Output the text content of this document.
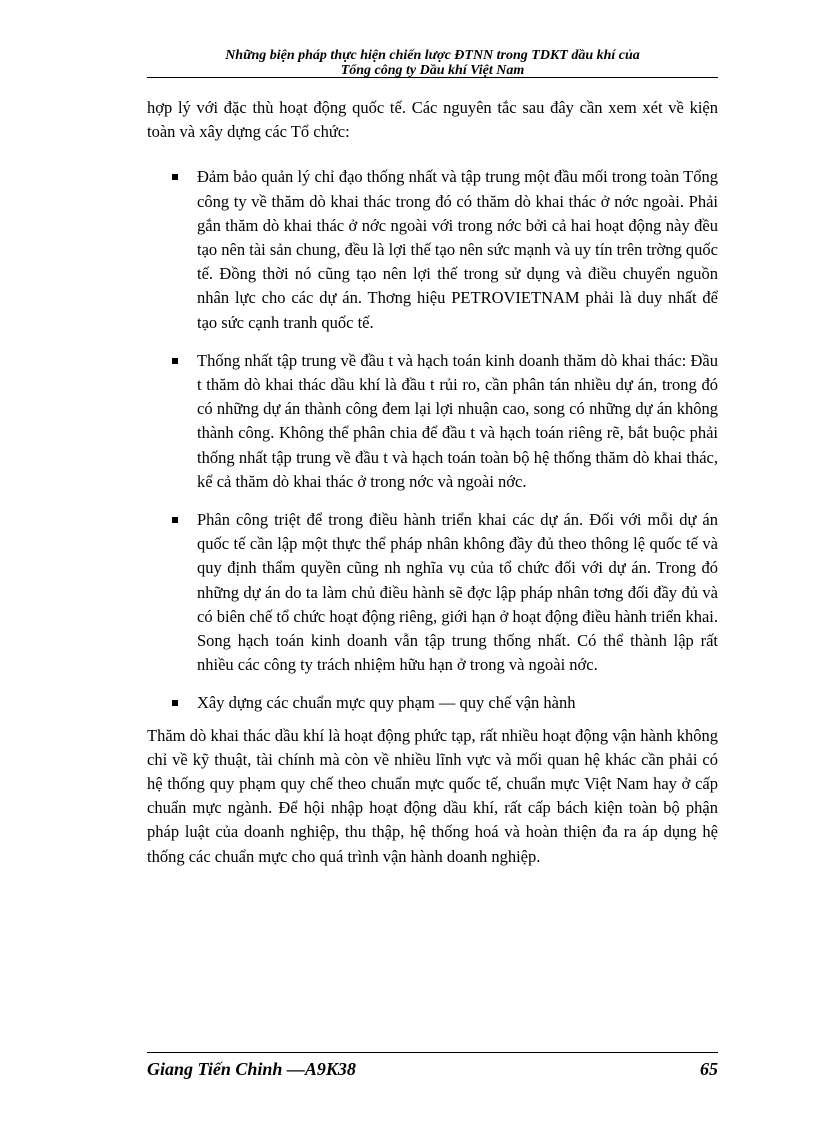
Những biện pháp thực hiện chiến lược ĐTNN trong TDKT dầu khí của
Tổng công ty Dầu khí Việt Nam

hợp lý với đặc thù hoạt động quốc tế. Các nguyên tắc sau đây cần xem xét về kiện toàn và xây dựng các Tổ chức:

Đảm bảo quản lý chỉ đạo thống nhất và tập trung một đầu mối trong toàn Tổng công ty về thăm dò khai thác trong đó có thăm dò khai thác ở nớc ngoài. Phải gắn thăm dò khai thác ở nớc ngoài với trong nớc bởi cả hai hoạt động này đều tạo nên tài sản chung, đều là lợi thế tạo nên sức mạnh và uy tín trên trờng quốc tế. Đồng thời nó cũng tạo nên lợi thế trong sử dụng và điều chuyển nguồn nhân lực cho các dự án. Thơng hiệu PETROVIETNAM phải là duy nhất để tạo sức cạnh tranh quốc tế.
Thống nhất tập trung về đầu t và hạch toán kinh doanh thăm dò khai thác: Đầu t thăm dò khai thác dầu khí là đầu t rủi ro, cần phân tán nhiều dự án, trong đó có những dự án thành công đem lại lợi nhuận cao, song có những dự án không thành công. Không thể phân chia để đầu t và hạch toán riêng rẽ, bắt buộc phải thống nhất tập trung về đầu t và hạch toán toàn bộ hệ thống thăm dò khai thác, kể cả thăm dò khai thác ở trong nớc và ngoài nớc.
Phân công triệt để trong điều hành triển khai các dự án. Đối với mỗi dự án quốc tế cần lập một thực thể pháp nhân không đầy đủ theo thông lệ quốc tế và quy định thẩm quyền cũng nh nghĩa vụ của tổ chức đối với dự án. Trong đó những dự án do ta làm chủ điều hành sẽ đợc lập pháp nhân tơng đối đầy đủ và có biên chế tổ chức hoạt động riêng, giới hạn ở hoạt động điều hành triển khai. Song hạch toán kinh doanh vẫn tập trung thống nhất. Có thể thành lập rất nhiều các công ty trách nhiệm hữu hạn ở trong và ngoài nớc.
Xây dựng các chuẩn mực quy phạm — quy chế vận hành

Thăm dò khai thác dầu khí là hoạt động phức tạp, rất nhiều hoạt động vận hành không chỉ về kỹ thuật, tài chính mà còn về nhiều lĩnh vực và mối quan hệ khác cần phải có hệ thống quy phạm quy chế theo chuẩn mực quốc tế, chuẩn mực Việt Nam hay ở cấp chuẩn mực ngành. Để hội nhập hoạt động dầu khí, rất cấp bách kiện toàn bộ phận pháp luật của doanh nghiệp, thu thập, hệ thống hoá và hoàn thiện đa ra áp dụng hệ thống các chuẩn mực cho quá trình vận hành doanh nghiệp.

Giang Tiến Chinh —A9K38	65
